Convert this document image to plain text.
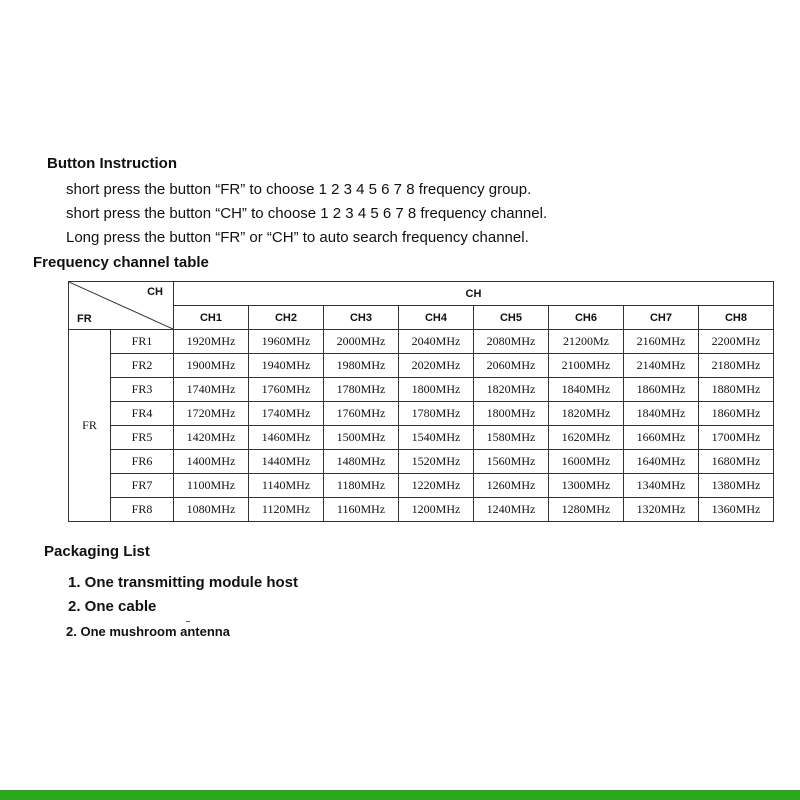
Button Instruction
short press the button “FR” to choose 1 2 3 4 5 6 7 8 frequency group.
short press the button “CH” to choose 1 2 3 4 5 6 7 8 frequency channel.
Long press the button “FR” or “CH” to auto search frequency channel.
Frequency channel table
CH
FR		CH							
		CH1	CH2	CH3	CH4	CH5	CH6	CH7	CH8
FR	FR1	1920MHz	1960MHz	2000MHz	2040MHz	2080MHz	21200Mz	2160MHz	2200MHz
	FR2	1900MHz	1940MHz	1980MHz	2020MHz	2060MHz	2100MHz	2140MHz	2180MHz
	FR3	1740MHz	1760MHz	1780MHz	1800MHz	1820MHz	1840MHz	1860MHz	1880MHz
	FR4	1720MHz	1740MHz	1760MHz	1780MHz	1800MHz	1820MHz	1840MHz	1860MHz
	FR5	1420MHz	1460MHz	1500MHz	1540MHz	1580MHz	1620MHz	1660MHz	1700MHz
	FR6	1400MHz	1440MHz	1480MHz	1520MHz	1560MHz	1600MHz	1640MHz	1680MHz
	FR7	1100MHz	1140MHz	1180MHz	1220MHz	1260MHz	1300MHz	1340MHz	1380MHz
	FR8	1080MHz	1120MHz	1160MHz	1200MHz	1240MHz	1280MHz	1320MHz	1360MHz
Packaging List
1. One transmitting module host
2. One cable
2. One mushroom antenna
